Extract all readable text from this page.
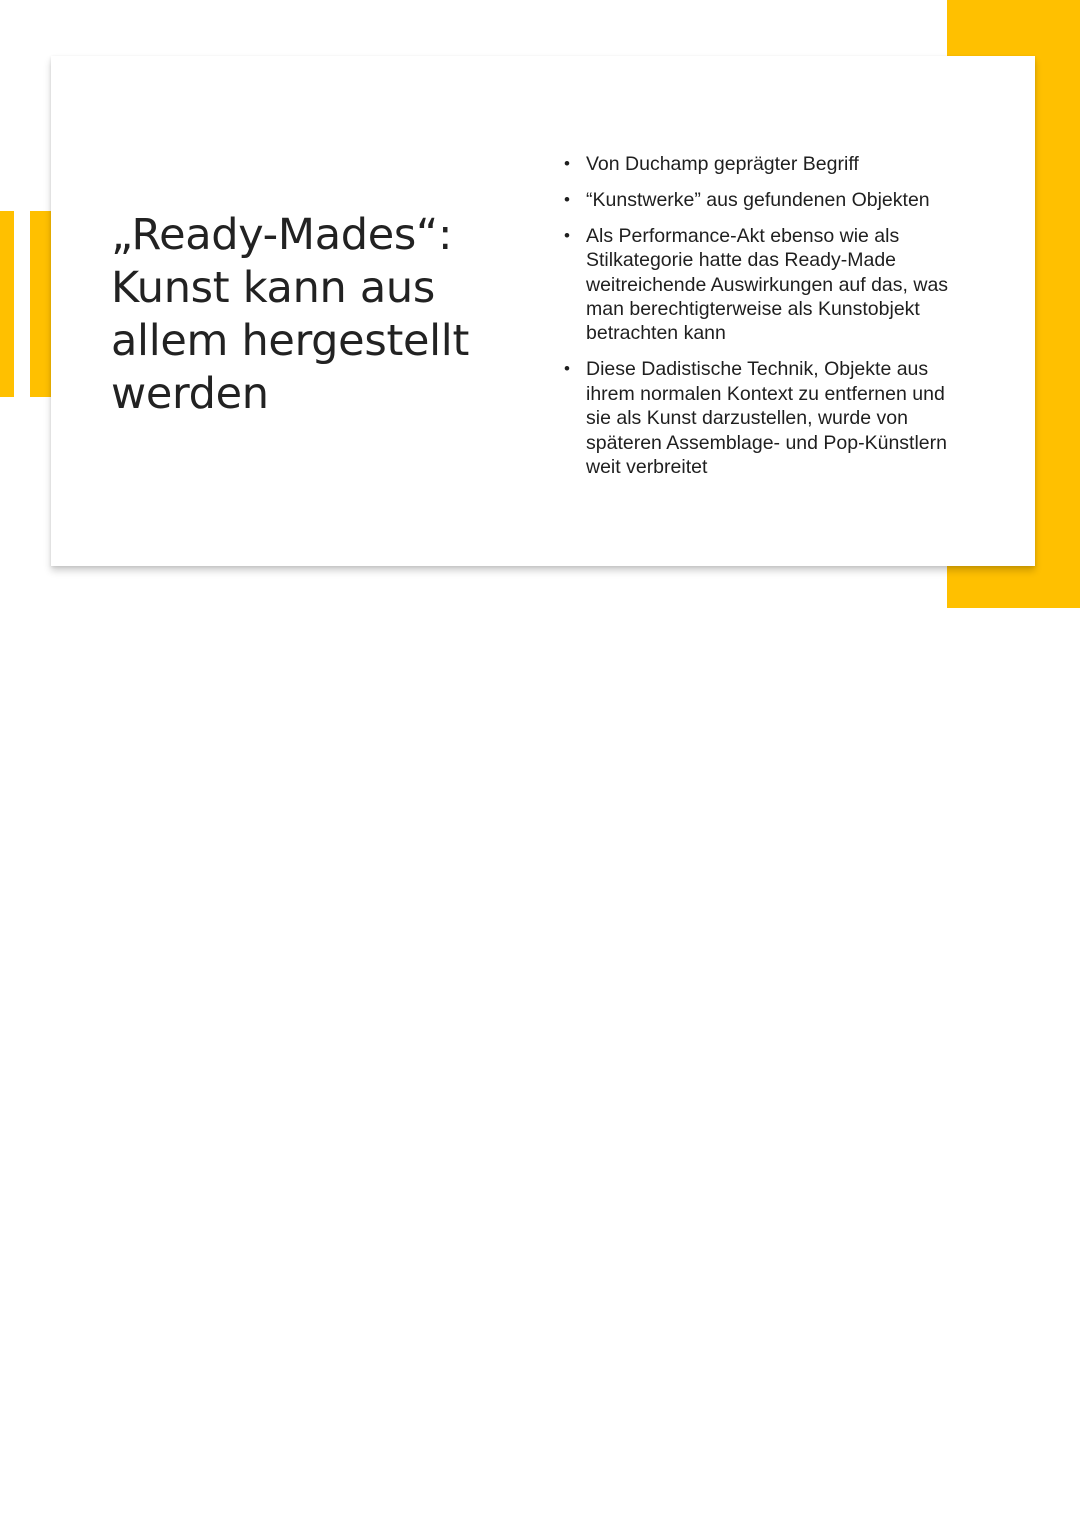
„Ready-Mades“:
Kunst kann aus
allem hergestellt
werden
• Von Duchamp geprägter Begriff
• “Kunstwerke” aus gefundenen Objekten
• Als Performance-Akt ebenso wie als
Stilkategorie hatte das Ready-Made
weitreichende Auswirkungen auf das, was
man berechtigterweise als Kunstobjekt
betrachten kann
• Diese Dadistische Technik, Objekte aus
ihrem normalen Kontext zu entfernen und
sie als Kunst darzustellen, wurde von
späteren Assemblage- und Pop-Künstlern
weit verbreitet
